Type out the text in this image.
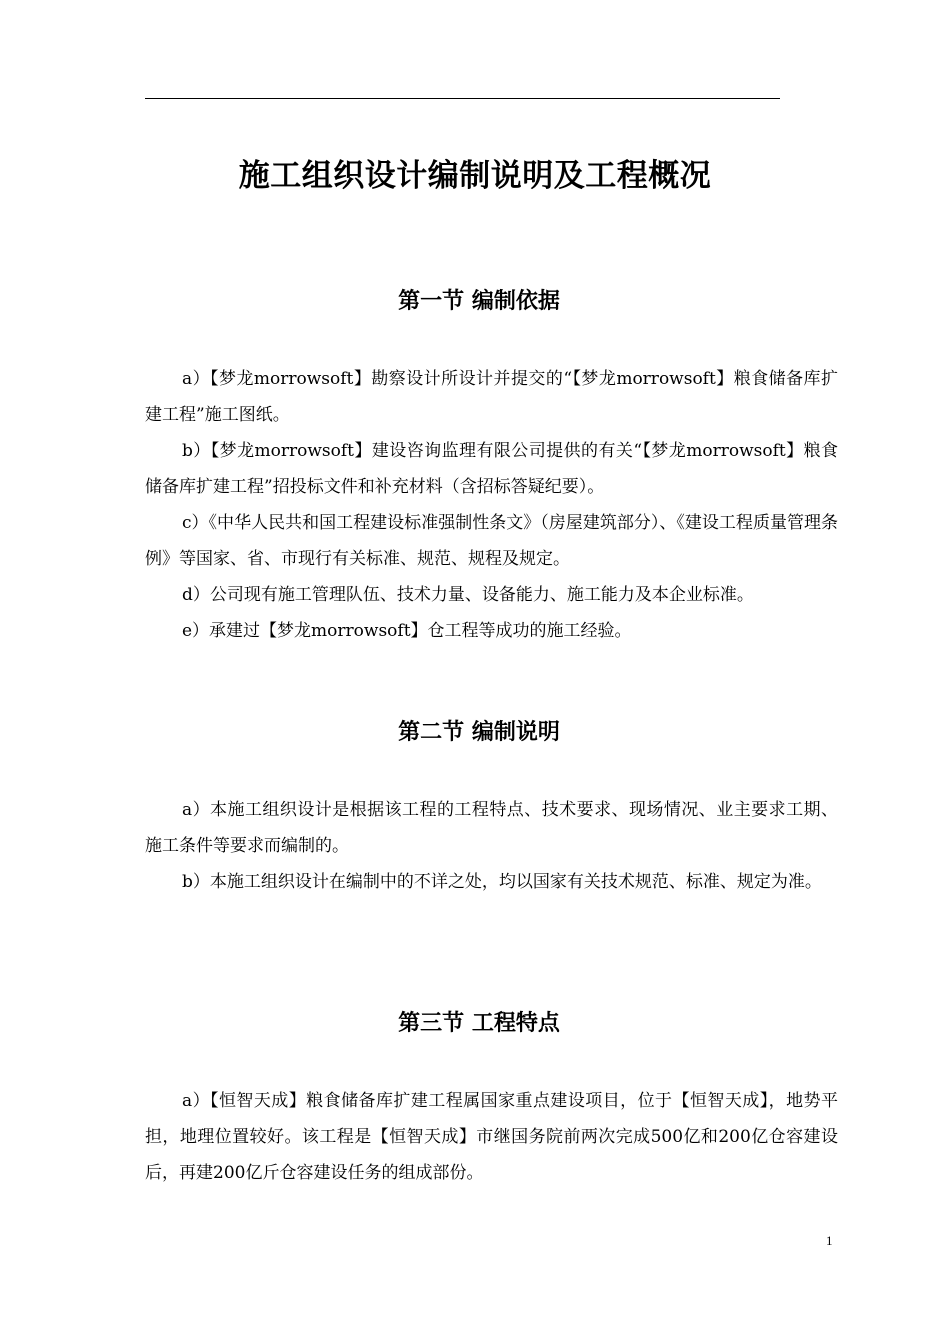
施工组织设计编制说明及工程概况
第一节 编制依据

a）【梦龙morrowsoft】勘察设计所设计并提交的“【梦龙morrowsoft】粮食储备库扩建工程”施工图纸。

b）【梦龙morrowsoft】建设咨询监理有限公司提供的有关“【梦龙morrowsoft】粮食储备库扩建工程”招投标文件和补充材料（含招标答疑纪要）。

c）《中华人民共和国工程建设标准强制性条文》（房屋建筑部分）、《建设工程质量管理条例》等国家、省、市现行有关标准、规范、规程及规定。

d）公司现有施工管理队伍、技术力量、设备能力、施工能力及本企业标准。

e）承建过【梦龙morrowsoft】仓工程等成功的施工经验。

第二节 编制说明

a）本施工组织设计是根据该工程的工程特点、技术要求、现场情况、业主要求工期、施工条件等要求而编制的。

b）本施工组织设计在编制中的不详之处，均以国家有关技术规范、标准、规定为准。

第三节 工程特点

a）【恒智天成】粮食储备库扩建工程属国家重点建设项目，位于【恒智天成】，地势平担，地理位置较好。该工程是【恒智天成】市继国务院前两次完成500亿和200亿仓容建设后，再建200亿斤仓容建设任务的组成部份。

1
